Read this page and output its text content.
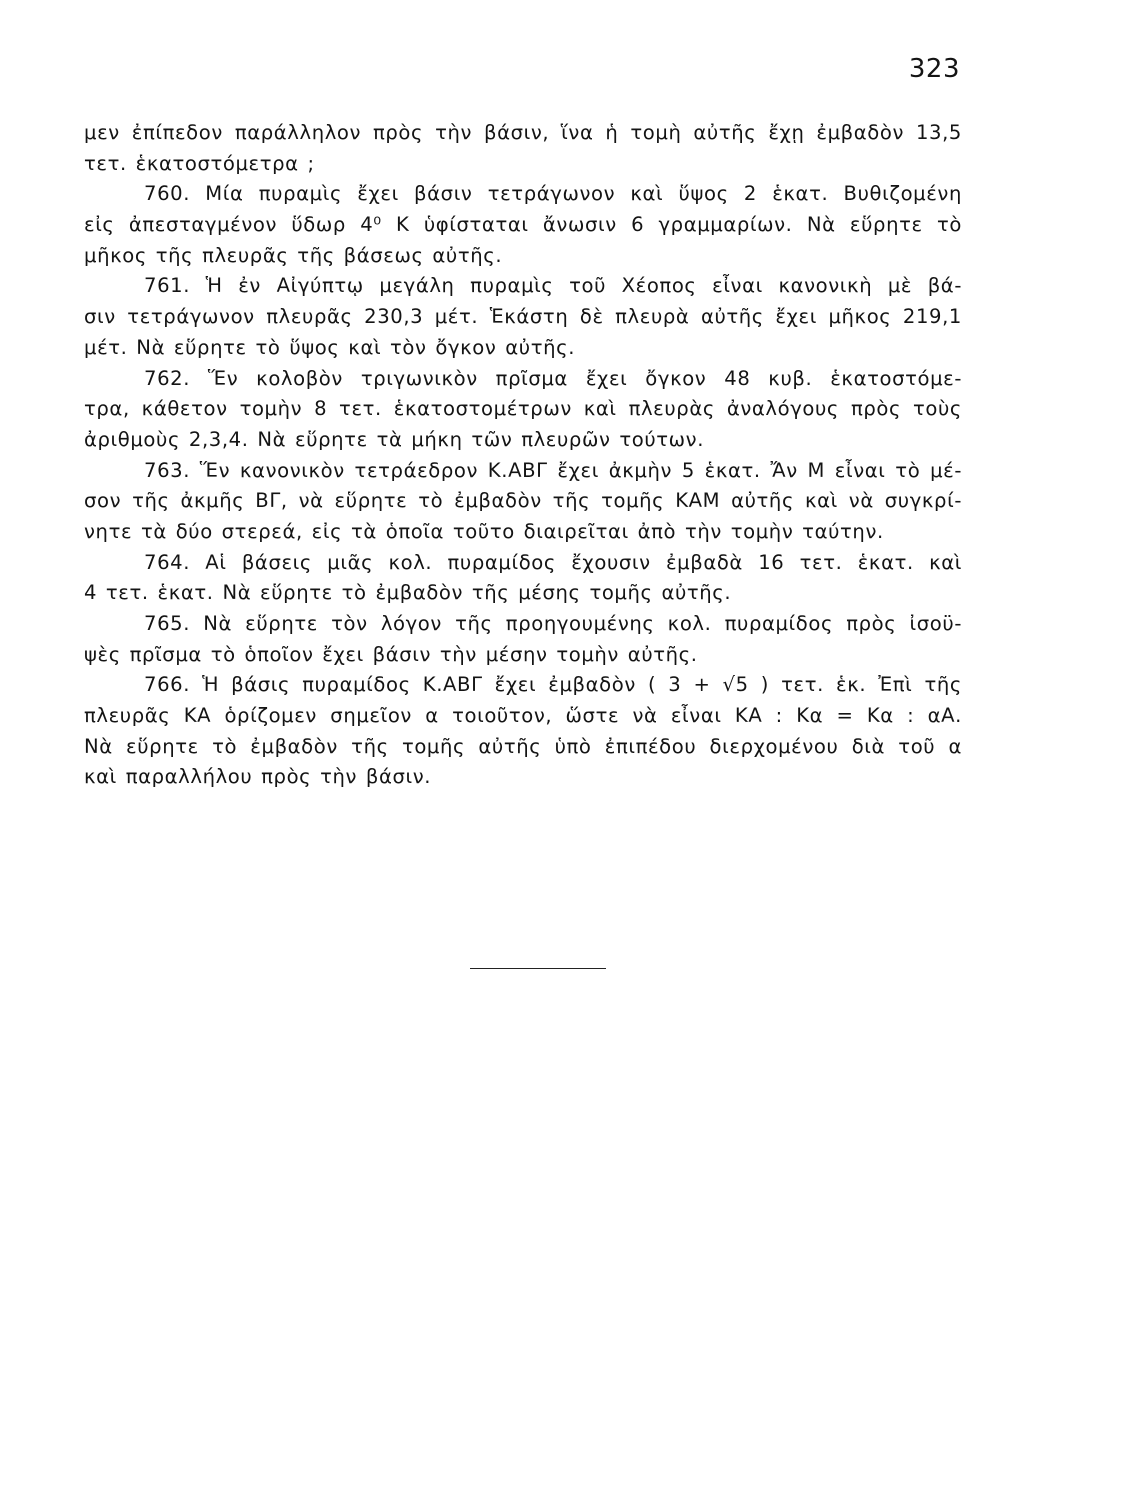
323
μεν ἐπίπεδον παράλληλον πρὸς τὴν βάσιν, ἵνα ἡ τομὴ αὐτῆς ἔχῃ ἐμβαδὸν 13,5
τετ. ἑκατοστόμετρα ;
760. Μία πυραμὶς ἔχει βάσιν τετράγωνον καὶ ὕψος 2 ἑκατ. Βυθιζομένη
εἰς ἀπεσταγμένον ὕδωρ 4⁰ Κ ὑφίσταται ἄνωσιν 6 γραμμαρίων. Νὰ εὕρητε τὸ
μῆκος τῆς πλευρᾶς τῆς βάσεως αὐτῆς.
761. Ἡ ἐν Αἰγύπτῳ μεγάλη πυραμὶς τοῦ Χέοπος εἶναι κανονικὴ μὲ βά-
σιν τετράγωνον πλευρᾶς 230,3 μέτ. Ἑκάστη δὲ πλευρὰ αὐτῆς ἔχει μῆκος 219,1
μέτ. Νὰ εὕρητε τὸ ὕψος καὶ τὸν ὄγκον αὐτῆς.
762. Ἕν κολοβὸν τριγωνικὸν πρῖσμα ἔχει ὄγκον 48 κυβ. ἑκατοστόμε-
τρα, κάθετον τομὴν 8 τετ. ἑκατοστομέτρων καὶ πλευρὰς ἀναλόγους πρὸς τοὺς
ἀριθμοὺς 2,3,4. Νὰ εὕρητε τὰ μήκη τῶν πλευρῶν τούτων.
763. Ἕν κανονικὸν τετράεδρον Κ.ΑΒΓ ἔχει ἀκμὴν 5 ἑκατ. Ἄν Μ εἶναι τὸ μέ-
σον τῆς ἀκμῆς ΒΓ, νὰ εὕρητε τὸ ἐμβαδὸν τῆς τομῆς ΚΑΜ αὐτῆς καὶ νὰ συγκρί-
νητε τὰ δύο στερεά, εἰς τὰ ὁποῖα τοῦτο διαιρεῖται ἀπὸ τὴν τομὴν ταύτην.
764. Αἱ βάσεις μιᾶς κολ. πυραμίδος ἔχουσιν ἐμβαδὰ 16 τετ. ἑκατ. καὶ
4 τετ. ἑκατ. Νὰ εὕρητε τὸ ἐμβαδὸν τῆς μέσης τομῆς αὐτῆς.
765. Νὰ εὕρητε τὸν λόγον τῆς προηγουμένης κολ. πυραμίδος πρὸς ἰσοϋ-
ψὲς πρῖσμα τὸ ὁποῖον ἔχει βάσιν τὴν μέσην τομὴν αὐτῆς.
766. Ἡ βάσις πυραμίδος Κ.ΑΒΓ ἔχει ἐμβαδὸν ( 3 + √5 ) τετ. ἑκ. Ἐπὶ τῆς
πλευρᾶς ΚΑ ὁρίζομεν σημεῖον α τοιοῦτον, ὥστε νὰ εἶναι ΚΑ : Κα = Κα : αΑ.
Νὰ εὕρητε τὸ ἐμβαδὸν τῆς τομῆς αὐτῆς ὑπὸ ἐπιπέδου διερχομένου διὰ τοῦ α
καὶ παραλλήλου πρὸς τὴν βάσιν.
